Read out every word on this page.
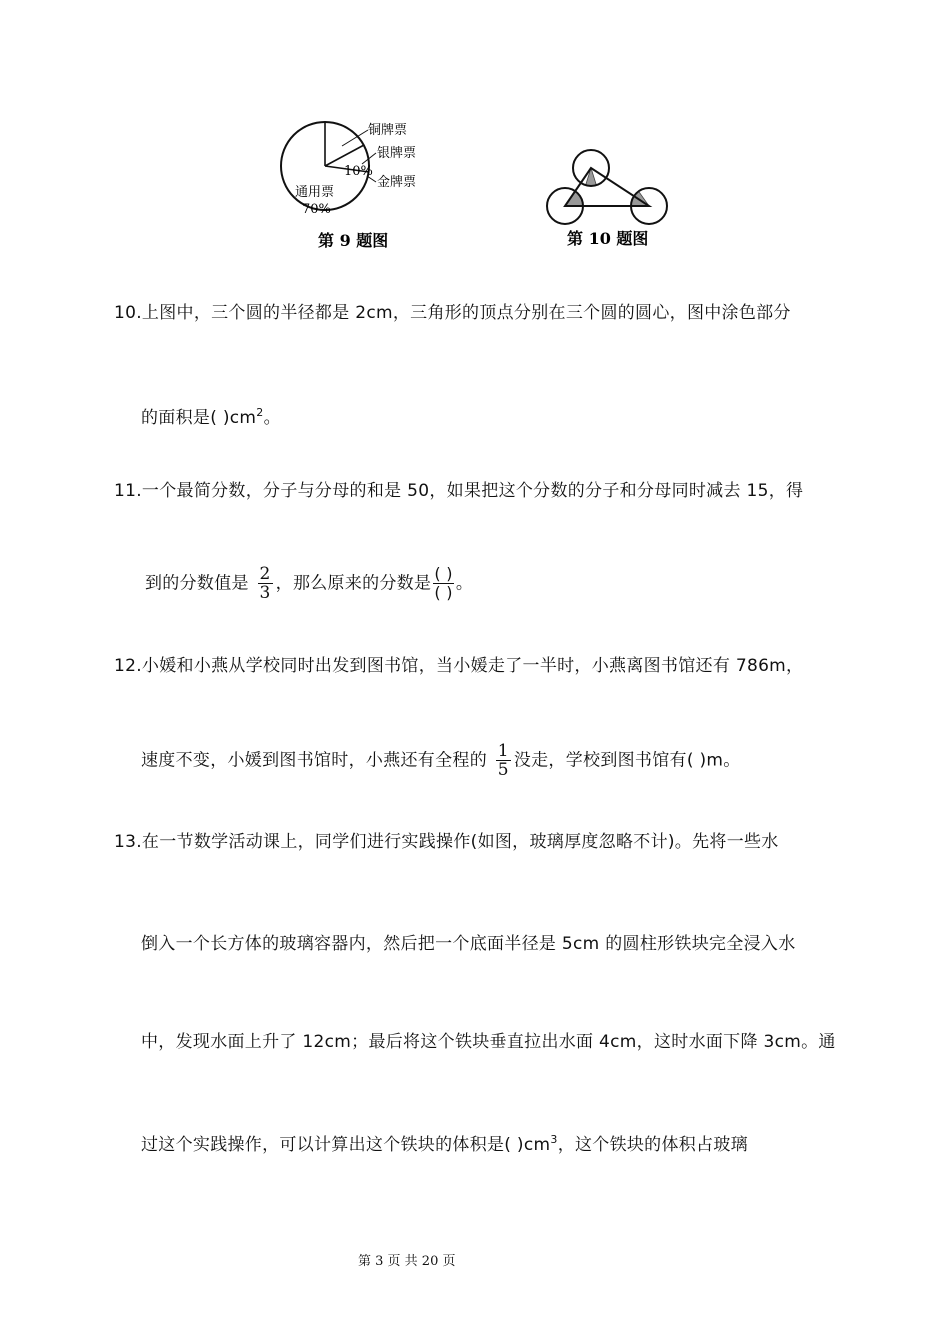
铜牌票
银牌票
金牌票
10%
通用票
70%
第 9 题图	第 10 题图
10.上图中，三个圆的半径都是 2cm，三角形的顶点分别在三个圆的圆心，图中涂色部分
的面积是( )$cm^2$。
11.一个最简分数，分子与分母的和是 50，如果把这个分数的分子和分母同时减去 15，得
到的分数值是 $\frac{2}{3}$ ，那么原来的分数是 $\frac{( )}{( )}$ 。
12.小媛和小燕从学校同时出发到图书馆，当小媛走了一半时，小燕离图书馆还有 786m，
速度不变，小媛到图书馆时，小燕还有全程的 $\frac{1}{5}$ 没走，学校到图书馆有( )m。
13.在一节数学活动课上，同学们进行实践操作(如图，玻璃厚度忽略不计)。先将一些水
倒入一个长方体的玻璃容器内，然后把一个底面半径是 5cm 的圆柱形铁块完全浸入水
中，发现水面上升了 12cm；最后将这个铁块垂直拉出水面 4cm，这时水面下降 3cm。通
过这个实践操作，可以计算出这个铁块的体积是( )$cm^3$，这个铁块的体积占玻璃
第 3 页 共 20 页
